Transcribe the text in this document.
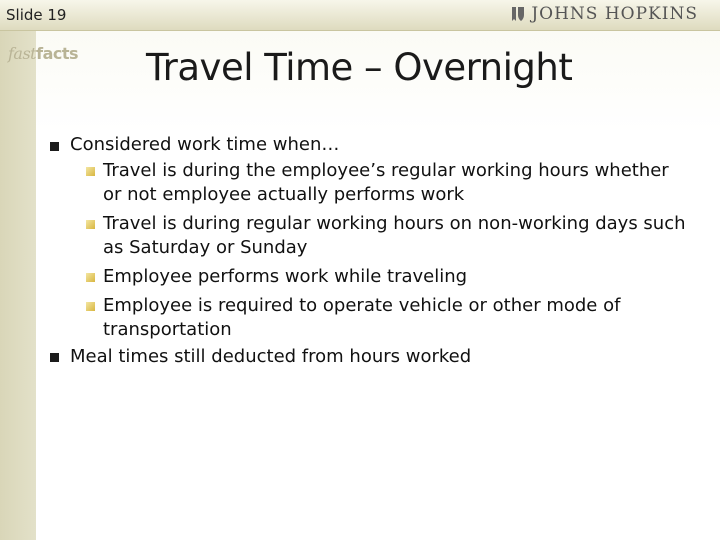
Slide 19	JOHNS HOPKINS
fastfacts Travel Time – Overnight
Considered work time when…
Travel is during the employee’s regular working hours whether
or not employee actually performs work
Travel is during regular working hours on non-working days such
as Saturday or Sunday
Employee performs work while traveling
Employee is required to operate vehicle or other mode of
transportation
Meal times still deducted from hours worked
